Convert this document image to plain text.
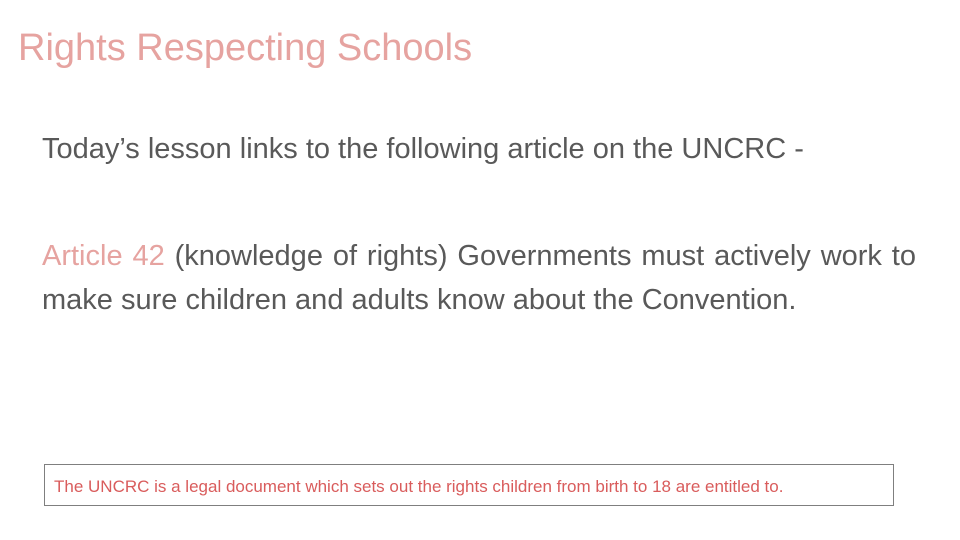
Rights Respecting Schools
Today’s lesson links to the following article on the UNCRC -
Article 42 (knowledge of rights) Governments must actively work to make sure children and adults know about the Convention.
The UNCRC is a legal document which sets out the rights children from birth to 18 are entitled to.
